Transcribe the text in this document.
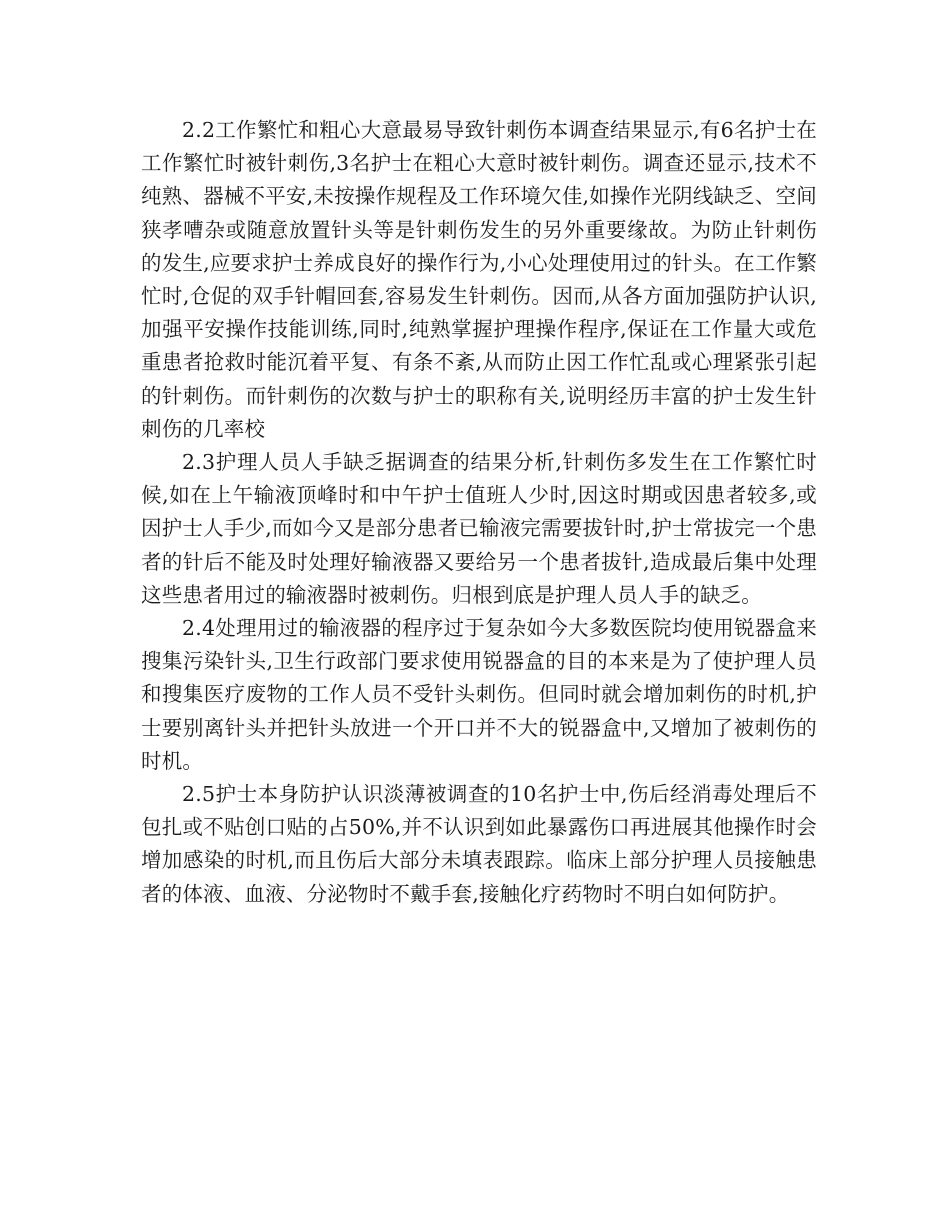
2.2工作繁忙和粗心大意最易导致针刺伤本调查结果显示,有6名护士在工作繁忙时被针刺伤,3名护士在粗心大意时被针刺伤。调查还显示,技术不纯熟、器械不平安,未按操作规程及工作环境欠佳,如操作光阴线缺乏、空间狭孝嘈杂或随意放置针头等是针刺伤发生的另外重要缘故。为防止针刺伤的发生,应要求护士养成良好的操作行为,小心处理使用过的针头。在工作繁忙时,仓促的双手针帽回套,容易发生针刺伤。因而,从各方面加强防护认识,加强平安操作技能训练,同时,纯熟掌握护理操作程序,保证在工作量大或危重患者抢救时能沉着平复、有条不紊,从而防止因工作忙乱或心理紧张引起的针刺伤。而针刺伤的次数与护士的职称有关,说明经历丰富的护士发生针刺伤的几率校

2.3护理人员人手缺乏据调查的结果分析,针刺伤多发生在工作繁忙时候,如在上午输液顶峰时和中午护士值班人少时,因这时期或因患者较多,或因护士人手少,而如今又是部分患者已输液完需要拔针时,护士常拔完一个患者的针后不能及时处理好输液器又要给另一个患者拔针,造成最后集中处理这些患者用过的输液器时被刺伤。归根到底是护理人员人手的缺乏。

2.4处理用过的输液器的程序过于复杂如今大多数医院均使用锐器盒来搜集污染针头,卫生行政部门要求使用锐器盒的目的本来是为了使护理人员和搜集医疗废物的工作人员不受针头刺伤。但同时就会增加刺伤的时机,护士要别离针头并把针头放进一个开口并不大的锐器盒中,又增加了被刺伤的时机。

2.5护士本身防护认识淡薄被调查的10名护士中,伤后经消毒处理后不包扎或不贴创口贴的占50%,并不认识到如此暴露伤口再进展其他操作时会增加感染的时机,而且伤后大部分未填表跟踪。临床上部分护理人员接触患者的体液、血液、分泌物时不戴手套,接触化疗药物时不明白如何防护。
